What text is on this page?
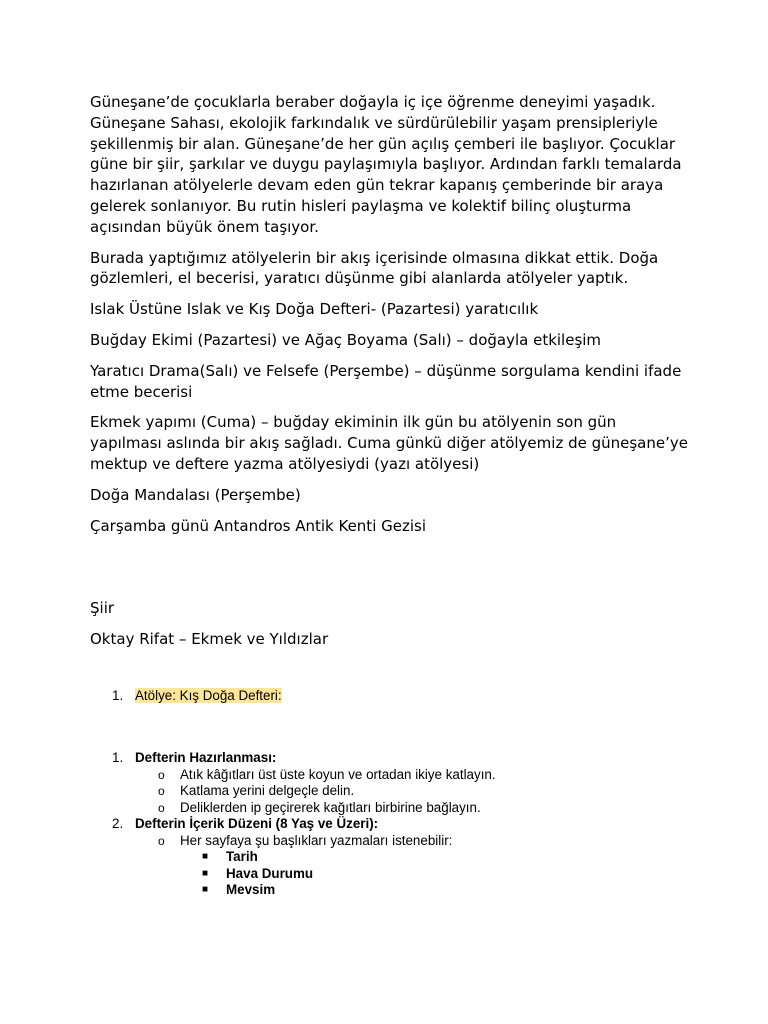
Güneşane’de çocuklarla beraber doğayla iç içe öğrenme deneyimi yaşadık. Güneşane Sahası, ekolojik farkındalık ve sürdürülebilir yaşam prensipleriyle şekillenmiş bir alan. Güneşane’de her gün açılış çemberi ile başlıyor. Çocuklar güne bir şiir, şarkılar ve duygu paylaşımıyla başlıyor. Ardından farklı temalarda hazırlanan atölyelerle devam eden gün tekrar kapanış çemberinde bir araya gelerek sonlanıyor. Bu rutin hisleri paylaşma ve kolektif bilinç oluşturma açısından büyük önem taşıyor.

Burada yaptığımız atölyelerin bir akış içerisinde olmasına dikkat ettik. Doğa gözlemleri, el becerisi, yaratıcı düşünme gibi alanlarda atölyeler yaptık.

Islak Üstüne Islak ve Kış Doğa Defteri- (Pazartesi) yaratıcılık

Buğday Ekimi (Pazartesi) ve Ağaç Boyama (Salı) – doğayla etkileşim

Yaratıcı Drama(Salı) ve Felsefe (Perşembe) – düşünme sorgulama kendini ifade etme becerisi

Ekmek yapımı (Cuma) – buğday ekiminin ilk gün bu atölyenin son gün yapılması aslında bir akış sağladı. Cuma günkü diğer atölyemiz de güneşane’ye mektup ve deftere yazma atölyesiydi (yazı atölyesi)

Doğa Mandalası (Perşembe)

Çarşamba günü Antandros Antik Kenti Gezisi

Şiir

Oktay Rifat – Ekmek ve Yıldızlar

1. Atölye: Kış Doğa Defteri:
1. Defterin Hazırlanması:
o Atık kâğıtları üst üste koyun ve ortadan ikiye katlayın.
o Katlama yerini delgeçle delin.
o Deliklerden ip geçirerek kağıtları birbirine bağlayın.
2. Defterin İçerik Düzeni (8 Yaş ve Üzeri):
o Her sayfaya şu başlıkları yazmaları istenebilir:
■ Tarih
■ Hava Durumu
■ Mevsim
